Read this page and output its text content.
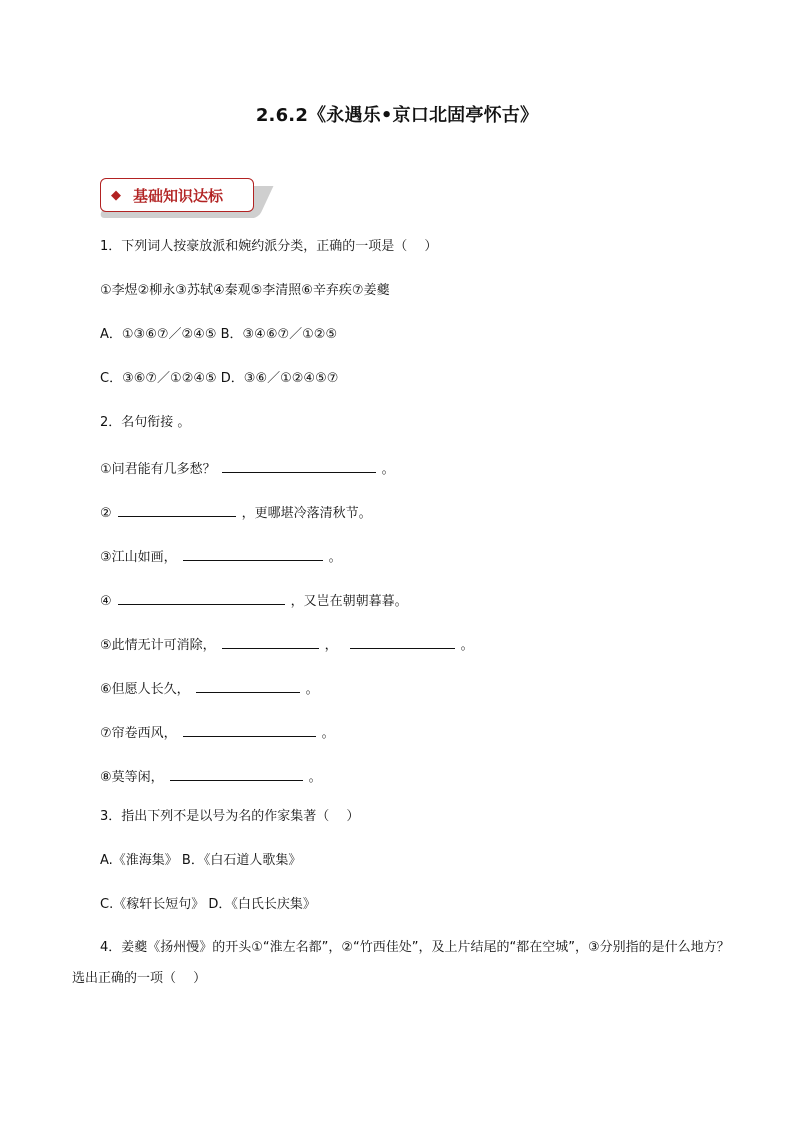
2.6.2《永遇乐•京口北固亭怀古》
◆ 基础知识达标
1．下列词人按豪放派和婉约派分类，正确的一项是（　 ）
①李煜②柳永③苏轼④秦观⑤李清照⑥辛弃疾⑦姜夔
A．①③⑥⑦／②④⑤ B．③④⑥⑦／①②⑤
C．③⑥⑦／①②④⑤ D．③⑥／①②④⑤⑦
2．名句衔接 。
①问君能有几多愁？	。
②	，更哪堪冷落清秋节。
③江山如画，	。
④	，又岂在朝朝暮暮。
⑤此情无计可消除，	，	。
⑥但愿人长久，	。
⑦帘卷西风，	。
⑧莫等闲，	。
3．指出下列不是以号为名的作家集著（　 ）
A.《淮海集》 B．《白石道人歌集》
C.《稼轩长短句》 D．《白氏长庆集》
4．姜夔《扬州慢》的开头①“淮左名都”，②“竹西佳处”，及上片结尾的“都在空城”，③分别指的是什么地方？选出正确的一项（　 ）
